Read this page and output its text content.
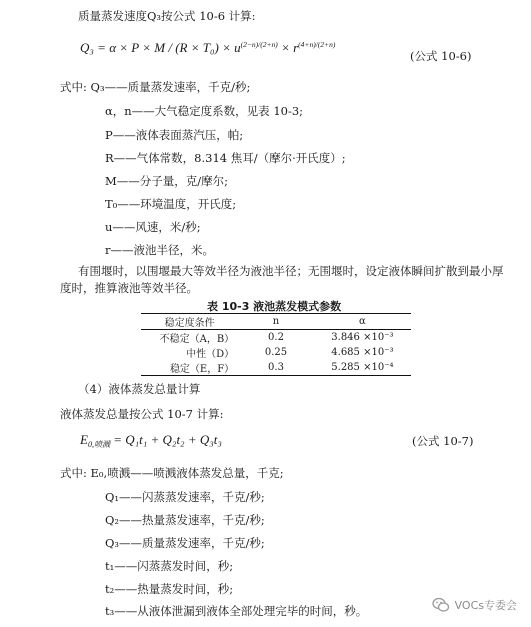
质量蒸发速度Q₃按公式 10-6 计算:
$Q_3 = \alpha \times P \times M / (R \times T_0) \times u^{(2-n)/(2+n)} \times r^{(4+n)/(2+n)}$
(公式 10-6)
式中: Q₃——质量蒸发速率，千克/秒;
α，n——大气稳定度系数，见表 10-3;
P——液体表面蒸汽压，帕;
R——气体常数，8.314 焦耳/（摩尔·开氏度）;
M——分子量，克/摩尔;
T₀——环境温度，开氏度;
u——风速，米/秒;
r——液池半径，米。
有围堰时，以围堰最大等效半径为液池半径；无围堰时，设定液体瞬间扩散到最小厚
度时，推算液池等效半径。
表 10-3 液池蒸发模式参数
稳定度条件	n	α
不稳定（A，B）	0.2	3.846 ×10⁻³
中性（D）	0.25	4.685 ×10⁻³
稳定（E，F）	0.3	5.285 ×10⁻⁴
（4）液体蒸发总量计算
液体蒸发总量按公式 10-7 计算:
$E_{0,喷溅} = Q_1t_1 + Q_2t_2 + Q_3t_3$	(公式 10-7)
式中: E₀,喷溅——喷溅液体蒸发总量，千克;
Q₁——闪蒸蒸发速率，千克/秒;
Q₂——热量蒸发速率，千克/秒;
Q₃——质量蒸发速率，千克/秒;
t₁——闪蒸蒸发时间，秒;
t₂——热量蒸发时间，秒;
t₃——从液体泄漏到液体全部处理完毕的时间，秒。	VOCs专委会
